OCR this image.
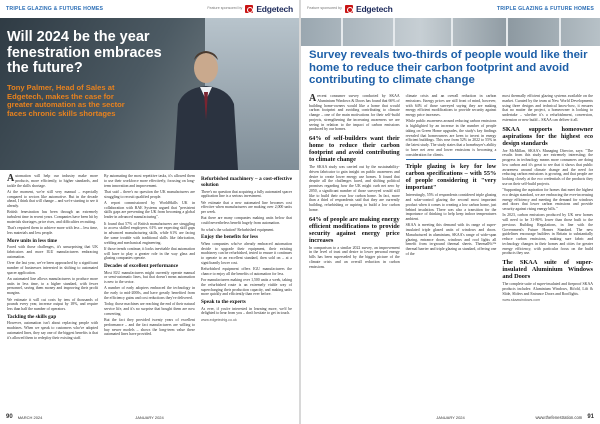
TRIPLE GLAZING & FUTURE HOMES	Feature sponsored by Edgetech
Will 2024 be the year fenestration embraces the future?
Tony Palmer, Head of Sales at Edgetech, makes the case for greater automation as the sector faces chronic skills shortages

Automation will help our industry make more products, more efficiently, to higher standards, and tackle the skills shortage.

At the moment, we're still very manual – especially compared to sectors like automotive. But in the decade ahead, I think that will change – and we're starting to see it already.

British fenestration has been through an extremely turbulent time in recent years. Companies have been hit by materials shortages, price rises, and difficulties recruiting.

That's required them to achieve more with less – less time, less materials and less people.

More units in less time

Faced with those challenges, it's unsurprising that UK fabricators and more IGU manufacturers embracing automation.

Over the last year, we've been approached by a significant number of businesses interested in shifting to automated spacer application.

An automated line allows manufacturers to produce more units in less time, to a higher standard, with fewer personnel, saving them money and improving their profit margins.

We estimate it will cut costs by tens of thousands of pounds every year, increase output by 18%, and require less than half the number of operators.

Tackling the skills gap

However, automation isn't about replacing people with machines. When we speak to customers who've adopted automated lines, they say one of the biggest benefits is that it's allowed them to redeploy their existing staff.

By automating the most repetitive tasks, it's allowed them to use their workforce more effectively, focusing on long-term innovation and improvement.

That said – there's no question the UK manufacturers are struggling to recruit qualified people.

A report commissioned by WorldSkills UK in collaboration with BAE Systems argued that "persistent skills gaps are preventing the UK from becoming a global leader in advanced manufacturing".

It found that 57% of British manufacturers are struggling to access skilled employees. 61% are expecting skill gaps in advanced manufacturing skills, while 61% are facing the same trouble with traditional skills like fabrication, welding and mechanical engineering.

If those trends continue, it looks inevitable that automation will have to play a greater role in the way glass and glazing companies operate.

Decades of excellent performance

Most IGU manufacturers might currently operate manual or semi-automatic lines, but that doesn't mean automation is new to the sector.

A number of early adopters embraced the technology in the early to mid-2000s, and have greatly benefited from the efficiency gains and cost reductions they've delivered.

Today, those machines are reaching the end of their natural service life, and it's no surprise that bought them are now converting.

But the fact they provided twenty years of excellent performance – and the fact manufacturers are willing to buy newer models – shows the long-term value these automated lines have provided.

Refurbished machinery – a cost-effective solution

There's no question that acquiring a fully automated spacer application line is a serious investment.

We estimate that a new automated line becomes cost effective when manufacturers are making over 2,000 units per week.

But there are many companies making units below that could nevertheless benefit hugely from automation.

So what's the solution? Refurbished equipment.

Enjoy the benefits for less

When companies who've already embraced automation decide to upgrade their equipment, their existing machinery can be refurbished, tested to ensure it continues to operate to an excellent standard, then sold on – at a significantly lower cost.

Refurbished equipment offers IGU manufacturers the chance to enjoy all the benefits of automation for less.

For manufacturers making over 1,500 units a week, taking the refurbished route is an extremely viable way of supercharging their production capacity, and making units more quickly and efficiently than ever before.

Speak to the experts

As ever, if you're interested in learning more, we'd be delighted to hear from you – don't hesitate to get in touch.

www.edgetechig.co.uk

90 MARCH 2024	JANUARY 2024
Feature sponsored by Edgetech	TRIPLE GLAZING & FUTURE HOMES
Survey reveals two-thirds of people would like their home to reduce their carbon footprint and avoid contributing to climate change

Arecent consumer survey conducted by SKAA Aluminium Windows & Doors has found that 66% of building home-owners would like a home that would carbon footprint and avoiding contributing to climate change – one of the main motivations for their self-build projects, strengthening the increasing awareness we are seeing in relation to the impact of carbon emissions produced by our homes.

64% of self-builders want their home to reduce their carbon footprint and avoid contributing to climate change

The SKAA study was carried out by the sustainability-driven fabricator to gain insight on public awareness and desire to create lower energy use homes. It found that despite all the challenges faced, and shifting political promises regarding how the UK might curb net zero by 2050, a significant number of those surveyed would still like to build their own low carbon home. In fact, more than a third of respondents said that they are currently building, refurbishing or aspiring to build a low carbon home.

64% of people are making energy efficient modifications to provide security against energy price increases

In comparison to a similar 2022 survey, an improvement in the level of trust and desire to lower personal energy bills has been superseded by the bigger picture of the climate crisis and an overall reduction in carbon emissions.

climate crisis and an overall reduction in carbon emissions. Energy prices are still front of mind, however, with 64% of those surveyed saying they are making energy efficient modifications to provide security against energy price increases.

While public awareness around reducing carbon emissions is highlighted by an increase in the number of people taking on Green Home upgrades, the study's key findings revealed that homeowners are keen to invest in energy efficient buildings. This rose from 52% in 2022 to 55% in the latest study. The study states that a homebuyer's ability to have net zero and lower emissions is becoming a consideration for clients.

Triple glazing is key for low carbon specifications – with 55% of people considering it "very important"

Interestingly, 55% of respondents considered triple glazing and solar-control glazing the second most important product when it comes to creating a low carbon home, just behind insulation. There was also a transition for the importance of thinking to help keep indoor temperatures ambient.

SKAA is meeting this demand with its range of super-insulated triple glazed units of windows and doors. Manufactured in aluminium, SKAA's range of wide-span glazing, entrance doors, windows and roof lights all benefit from in-ground thermal sheets. ThermalFit™ thermal barrier and triple glazing as standard, offering one of the

most thermally efficient glazing systems available on the market. Curated by the team at New World Developments using three designs and technical know-how, it ensures that no matter the project, a homeowner is looking to undertake – whether it's a refurbishment, conversion, extension or new build – SKAA can deliver it all.

SKAA supports homeowner aspirations for the highest eco design standards

Joe McMillan, SKAA's Managing Director, says: "The results from this study are extremely interesting; the progress in technology means more consumers are doing low carbon and it's great to see that it shows that public awareness around climate change and the need for reducing carbon emissions is growing, and that people are looking closely at the eco credentials of the products they use on their self-build projects.

"Supporting the aspiration for homes that meet the highest eco design standard, we are embracing the ever-increasing energy efficiency and meeting the demand for windows and doors that lower carbon emissions and provide security against rising energy bills."

In 2023, carbon emissions produced by UK new homes will need to be 31-80% lower than those built to the previous Building Regulations, in line with the Government's Future Homes Standard. The new guidelines encourage builders in Britain to substantially reduce carbon emissions, making sure fabric and technology changes in their homes and cities for greater energy efficiency, with particular focus on the build products they use.

The SKAA suite of super-insulated Aluminium Windows and Doors

The complete suite of super-insulated and fireproof SKAA products includes: Aluminium Windows, Bifold, Lift & Slide, Sliders and Entrance Doors and Rooflights.

www.skaawindows.com

JANUARY 2024	www.thefenestration.com 91
